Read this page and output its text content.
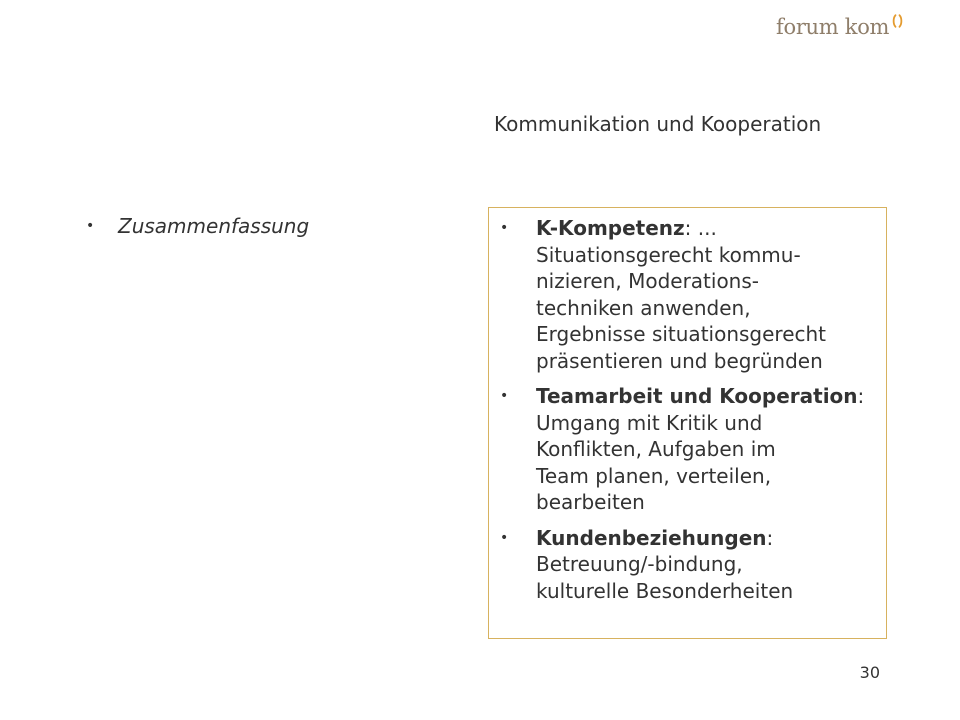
forum kom
Kommunikation und Kooperation
•	Zusammenfassung	•	K-Kompetenz: ...
Situationsgerecht kommu-
nizieren, Moderations-
techniken anwenden,
Ergebnisse situationsgerecht
präsentieren und begründen
•	Teamarbeit und Kooperation:
Umgang mit Kritik und
Konflikten, Aufgaben im
Team planen, verteilen,
bearbeiten
•	Kundenbeziehungen:
Betreuung/-bindung,
kulturelle Besonderheiten
30
